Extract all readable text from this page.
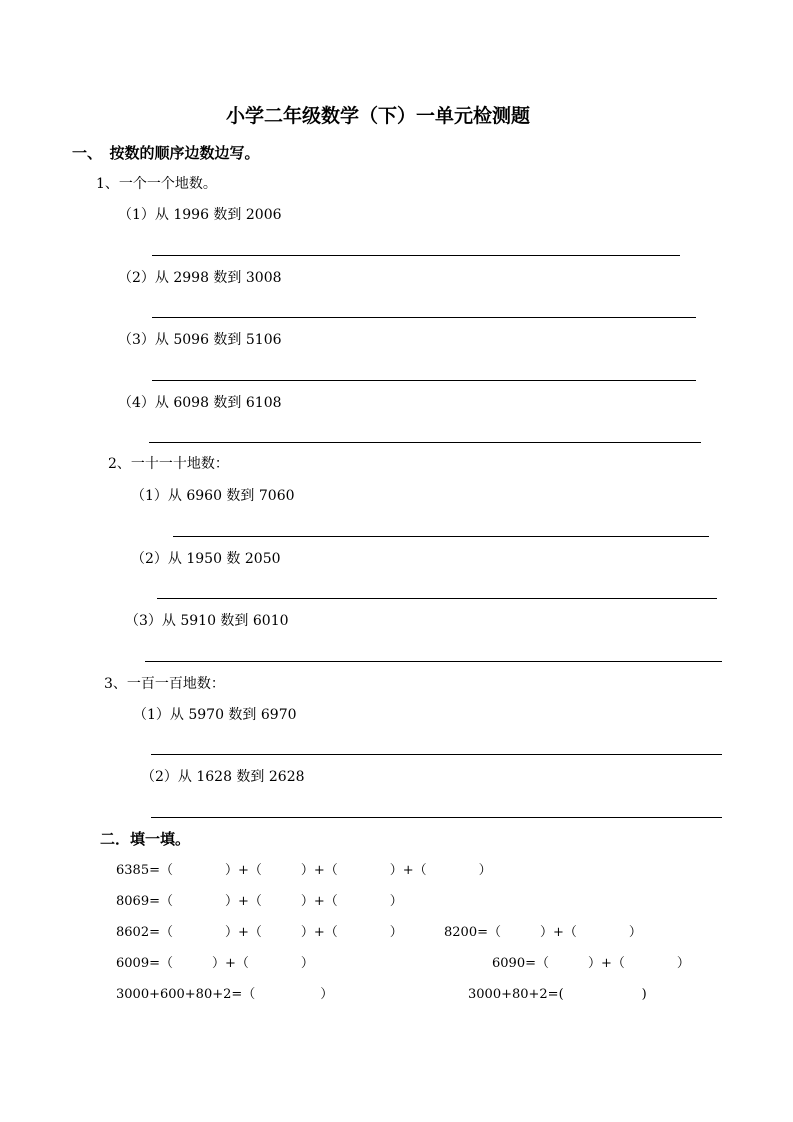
小学二年级数学（下）一单元检测题
一、　按数的顺序边数边写。
1、一个一个地数。
（1）从 1996 数到 2006
（2）从 2998 数到 3008
（3）从 5096 数到 5106
（4）从 6098 数到 6108
2、一十一十地数：
（1）从 6960 数到 7060
（2）从 1950 数 2050
（3）从 5910 数到 6010
3、一百一百地数：
（1）从 5970 数到 6970
（2）从 1628 数到 2628
二．填一填。
6385=（　　　　）+（　　　）+（　　　　）+（　　　　）
8069=（　　　　）+（　　　）+（　　　　）
8602=（　　　　）+（　　　）+（　　　　）	8200=（　　　）+（　　　　）
6009=（　　　）+（　　　　）	6090=（　　　）+（　　　　）
3000+600+80+2=（　　　　　）	3000+80+2=(　　　　　　)
